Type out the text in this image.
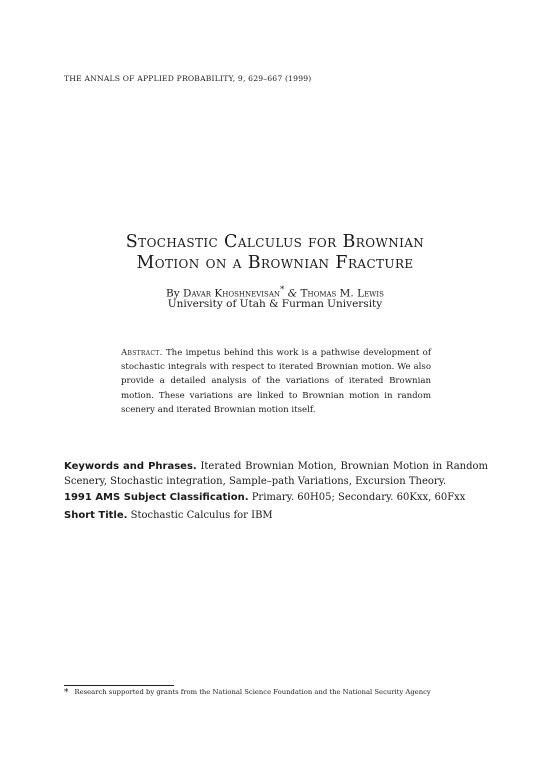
THE ANNALS OF APPLIED PROBABILITY, 9, 629–667 (1999)
Stochastic Calculus for Brownian
Motion on a Brownian Fracture
By Davar Khoshnevisan* & Thomas M. Lewis
University of Utah & Furman University
Abstract. The impetus behind this work is a pathwise development of stochastic integrals with respect to iterated Brownian motion. We also provide a detailed analysis of the variations of iterated Brownian motion. These variations are linked to Brownian motion in random scenery and iterated Brownian motion itself.
Keywords and Phrases. Iterated Brownian Motion, Brownian Motion in Random Scenery, Stochastic integration, Sample–path Variations, Excursion Theory.
1991 AMS Subject Classification. Primary. 60H05; Secondary. 60Kxx, 60Fxx
Short Title. Stochastic Calculus for IBM
* Research supported by grants from the National Science Foundation and the National Security Agency
